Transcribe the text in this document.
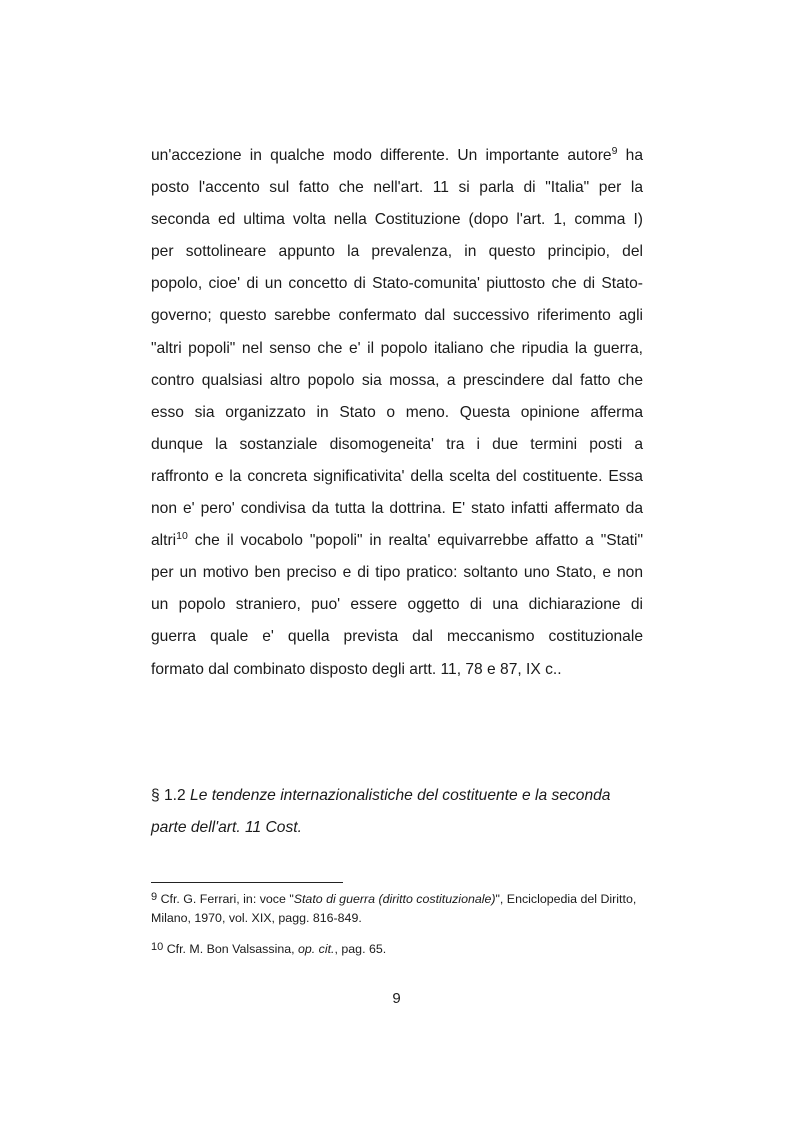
un'accezione in qualche modo differente. Un importante autore$^9$ ha
posto l'accento sul fatto che nell'art. 11 si parla di "Italia" per la
seconda ed ultima volta nella Costituzione (dopo l'art. 1, comma I)
per sottolineare appunto la prevalenza, in questo principio, del
popolo, cioe' di un concetto di Stato-comunita' piuttosto che di Stato-
governo; questo sarebbe confermato dal successivo riferimento agli
"altri popoli" nel senso che e' il popolo italiano che ripudia la guerra,
contro qualsiasi altro popolo sia mossa, a prescindere dal fatto che
esso sia organizzato in Stato o meno. Questa opinione afferma
dunque la sostanziale disomogeneita' tra i due termini posti a
raffronto e la concreta significativita' della scelta del costituente. Essa
non e' pero' condivisa da tutta la dottrina. E' stato infatti affermato da
altri$^{10}$ che il vocabolo "popoli" in realta' equivarrebbe affatto a "Stati"
per un motivo ben preciso e di tipo pratico: soltanto uno Stato, e non
un popolo straniero, puo' essere oggetto di una dichiarazione di
guerra quale e' quella prevista dal meccanismo costituzionale
formato dal combinato disposto degli artt. 11, 78 e 87, IX c..
§ 1.2 Le tendenze internazionalistiche del costituente e la seconda parte dell'art. 11 Cost.
9 Cfr. G. Ferrari, in: voce "Stato di guerra (diritto costituzionale)", Enciclopedia del Diritto, Milano, 1970, vol. XIX, pagg. 816-849.
10 Cfr. M. Bon Valsassina, op. cit., pag. 65.
9
